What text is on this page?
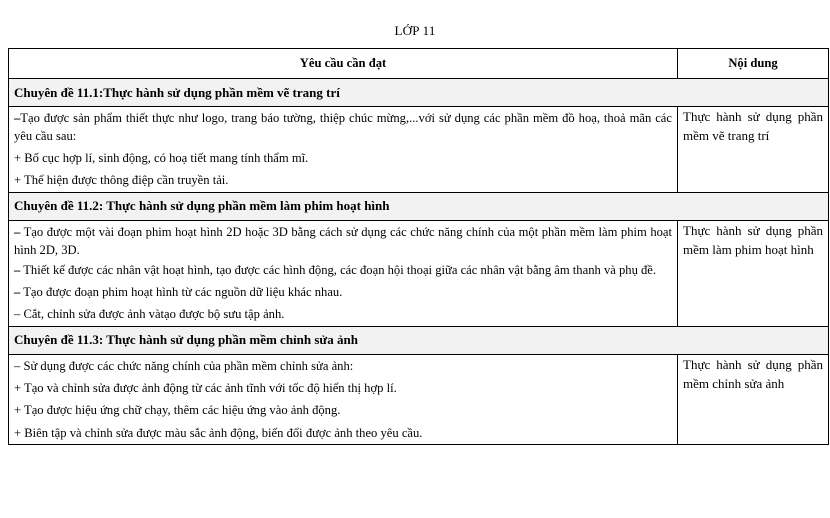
LỚP 11
Yêu cầu cần đạt	Nội dung
Chuyên đề 11.1:Thực hành sử dụng phần mềm vẽ trang trí	

–Tạo được sản phẩm thiết thực như logo, trang báo tường, thiệp chúc mừng,...với sử dụng các phần mềm đồ hoạ, thoả mãn các yêu cầu sau:
+ Bố cục hợp lí, sinh động, có hoạ tiết mang tính thẩm mĩ.
+ Thể hiện được thông điệp cần truyền tải.	Thực hành sử dụng phần mềm vẽ trang trí

Chuyên đề 11.2: Thực hành sử dụng phần mềm làm phim hoạt hình	

– Tạo được một vài đoạn phim hoạt hình 2D hoặc 3D bằng cách sử dụng các chức năng chính của một phần mềm làm phim hoạt hình 2D, 3D.
– Thiết kế được các nhân vật hoạt hình, tạo được các hình động, các đoạn hội thoại giữa các nhân vật bằng âm thanh và phụ đề.
– Tạo được đoạn phim hoạt hình từ các nguồn dữ liệu khác nhau.
– Cắt, chỉnh sửa được ảnh vàtạo được bộ sưu tập ảnh.	Thực hành sử dụng phần mềm làm phim hoạt hình

Chuyên đề 11.3: Thực hành sử dụng phần mềm chỉnh sửa ảnh	

– Sử dụng được các chức năng chính của phần mềm chỉnh sửa ảnh:
+ Tạo và chỉnh sửa được ảnh động từ các ảnh tĩnh với tốc độ hiển thị hợp lí.
+ Tạo được hiệu ứng chữ chạy, thêm các hiệu ứng vào ảnh động.
+ Biên tập và chỉnh sửa được màu sắc ảnh động, biến đổi được ảnh theo yêu cầu.	Thực hành sử dụng phần mềm chỉnh sửa ảnh
